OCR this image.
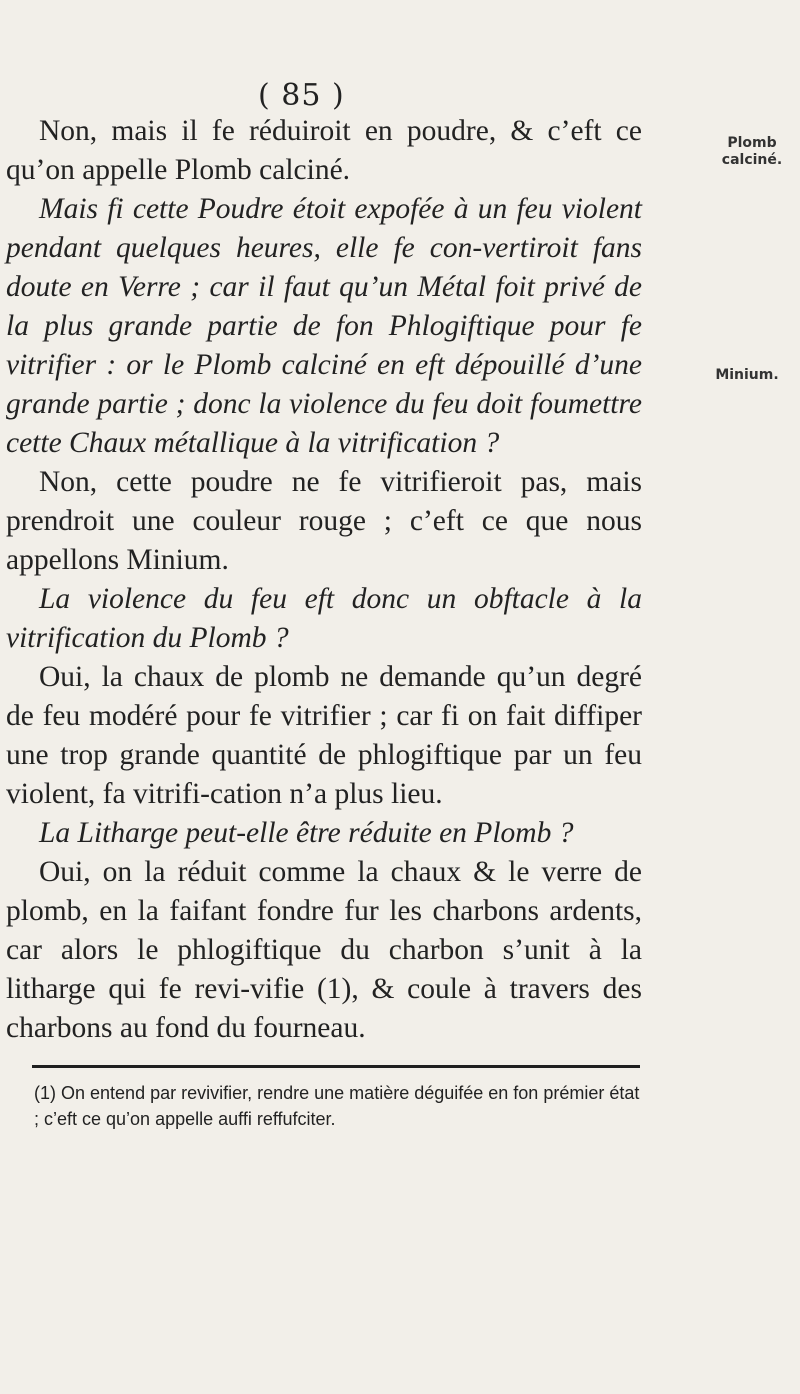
( 85 )

Non, mais il fe réduiroit en poudre, & c’eft ce qu’on appelle Plomb calciné.

Mais fi cette Poudre étoit expofée à un feu violent pendant quelques heures, elle fe con-vertiroit fans doute en Verre ; car il faut qu’un Métal foit privé de la plus grande partie de fon Phlogiftique pour fe vitrifier : or le Plomb calciné en eft dépouillé d’une grande partie ; donc la violence du feu doit foumettre cette Chaux métallique à la vitrification ?

Non, cette poudre ne fe vitrifieroit pas, mais prendroit une couleur rouge ; c’eft ce que nous appellons Minium.

La violence du feu eft donc un obftacle à la vitrification du Plomb ?

Oui, la chaux de plomb ne demande qu’un degré de feu modéré pour fe vitrifier ; car fi on fait diffiper une trop grande quantité de phlogiftique par un feu violent, fa vitrifi-cation n’a plus lieu.

La Litharge peut-elle être réduite en Plomb ?

Oui, on la réduit comme la chaux & le verre de plomb, en la faifant fondre fur les charbons ardents, car alors le phlogiftique du charbon s’unit à la litharge qui fe revi-vifie (1), & coule à travers des charbons au fond du fourneau.

Plomb
calciné.
Minium.

(1) On entend par revivifier, rendre une matière déguifée en fon prémier état ; c’eft ce qu’on appelle auffi reffufciter.
